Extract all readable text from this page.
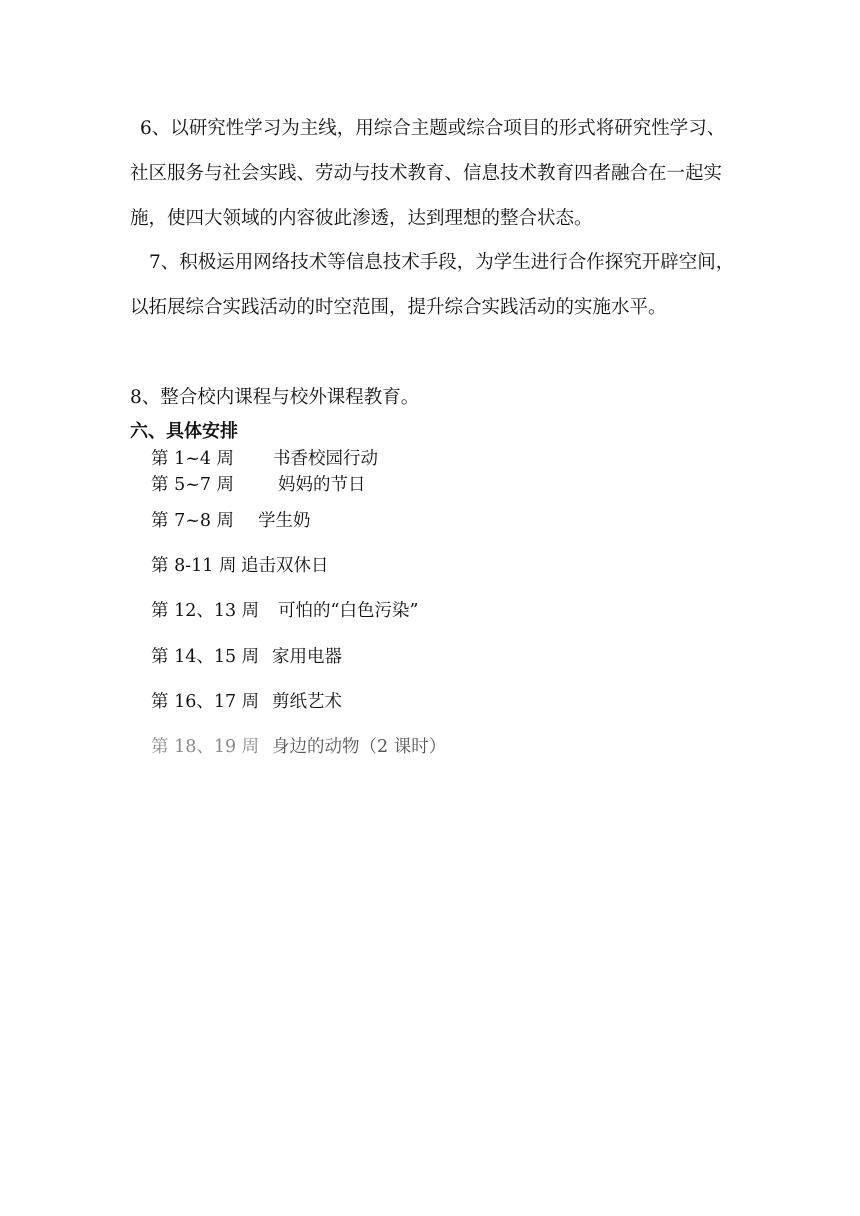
6、以研究性学习为主线，用综合主题或综合项目的形式将研究性学习、社区服务与社会实践、劳动与技术教育、信息技术教育四者融合在一起实施，使四大领域的内容彼此渗透，达到理想的整合状态。

7、积极运用网络技术等信息技术手段，为学生进行合作探究开辟空间，以拓展综合实践活动的时空范围，提升综合实践活动的实施水平。

8、整合校内课程与校外课程教育。

六、具体安排
第 1~4 周 书香校园行动
第 5~7 周	妈妈的节日
第 7~8 周 学生奶
第 8-11 周 追击双休日
第 12、13 周 可怕的“白色污染”
第 14、15 周 家用电器
第 16、17 周 剪纸艺术
第 18、19 周 身边的动物（2 课时）
